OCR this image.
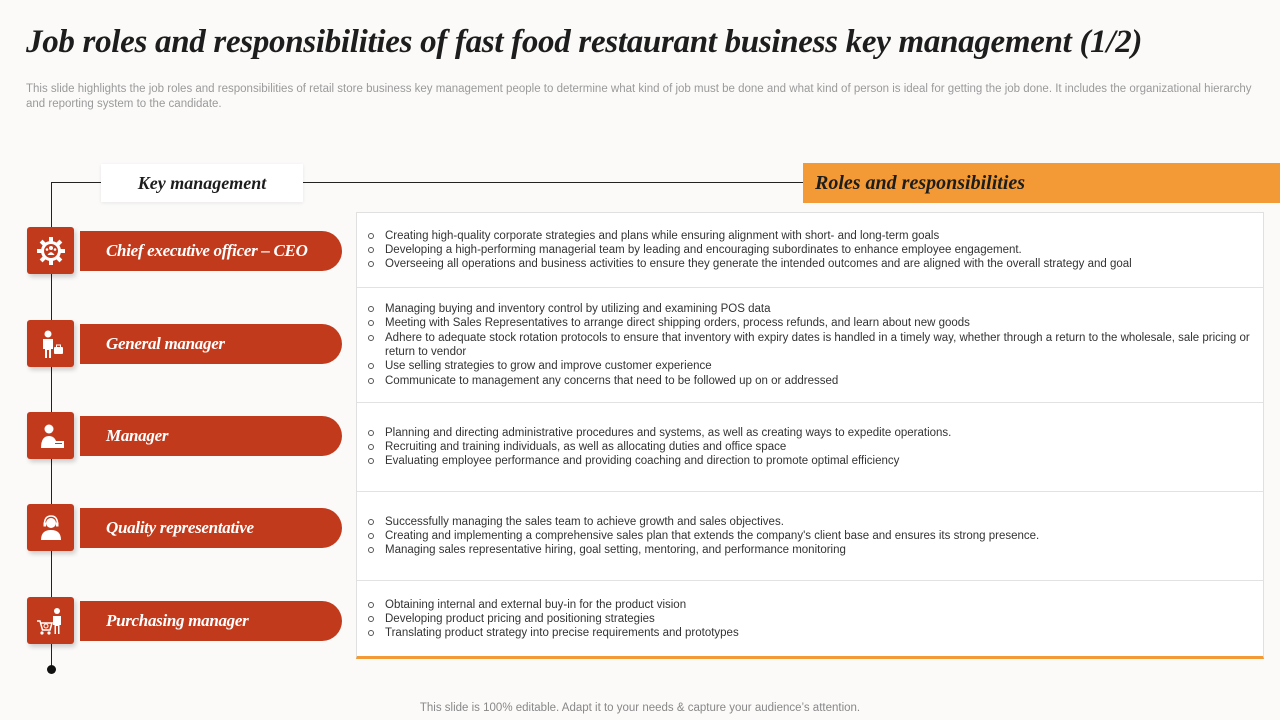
Job roles and responsibilities of fast food restaurant business key management (1/2)
This slide highlights the job roles and responsibilities of retail store business key management people to determine what kind of job must be done and what kind of person is ideal for getting the job done. It includes the organizational hierarchy and reporting system to the candidate.
Key management	Roles and responsibilities
Chief executive officer – CEO
General manager
Manager
Quality representative
Purchasing manager
Creating high-quality corporate strategies and plans while ensuring alignment with short- and long-term goals
Developing a high-performing managerial team by leading and encouraging subordinates to enhance employee engagement.
Overseeing all operations and business activities to ensure they generate the intended outcomes and are aligned with the overall strategy and goal
Managing buying and inventory control by utilizing and examining POS data
Meeting with Sales Representatives to arrange direct shipping orders, process refunds, and learn about new goods
Adhere to adequate stock rotation protocols to ensure that inventory with expiry dates is handled in a timely way, whether through a return to the wholesale, sale pricing or return to vendor
Use selling strategies to grow and improve customer experience
Communicate to management any concerns that need to be followed up on or addressed
Planning and directing administrative procedures and systems, as well as creating ways to expedite operations.
Recruiting and training individuals, as well as allocating duties and office space
Evaluating employee performance and providing coaching and direction to promote optimal efficiency
Successfully managing the sales team to achieve growth and sales objectives.
Creating and implementing a comprehensive sales plan that extends the company's client base and ensures its strong presence.
Managing sales representative hiring, goal setting, mentoring, and performance monitoring
Obtaining internal and external buy-in for the product vision
Developing product pricing and positioning strategies
Translating product strategy into precise requirements and prototypes
This slide is 100% editable. Adapt it to your needs & capture your audience’s attention.
